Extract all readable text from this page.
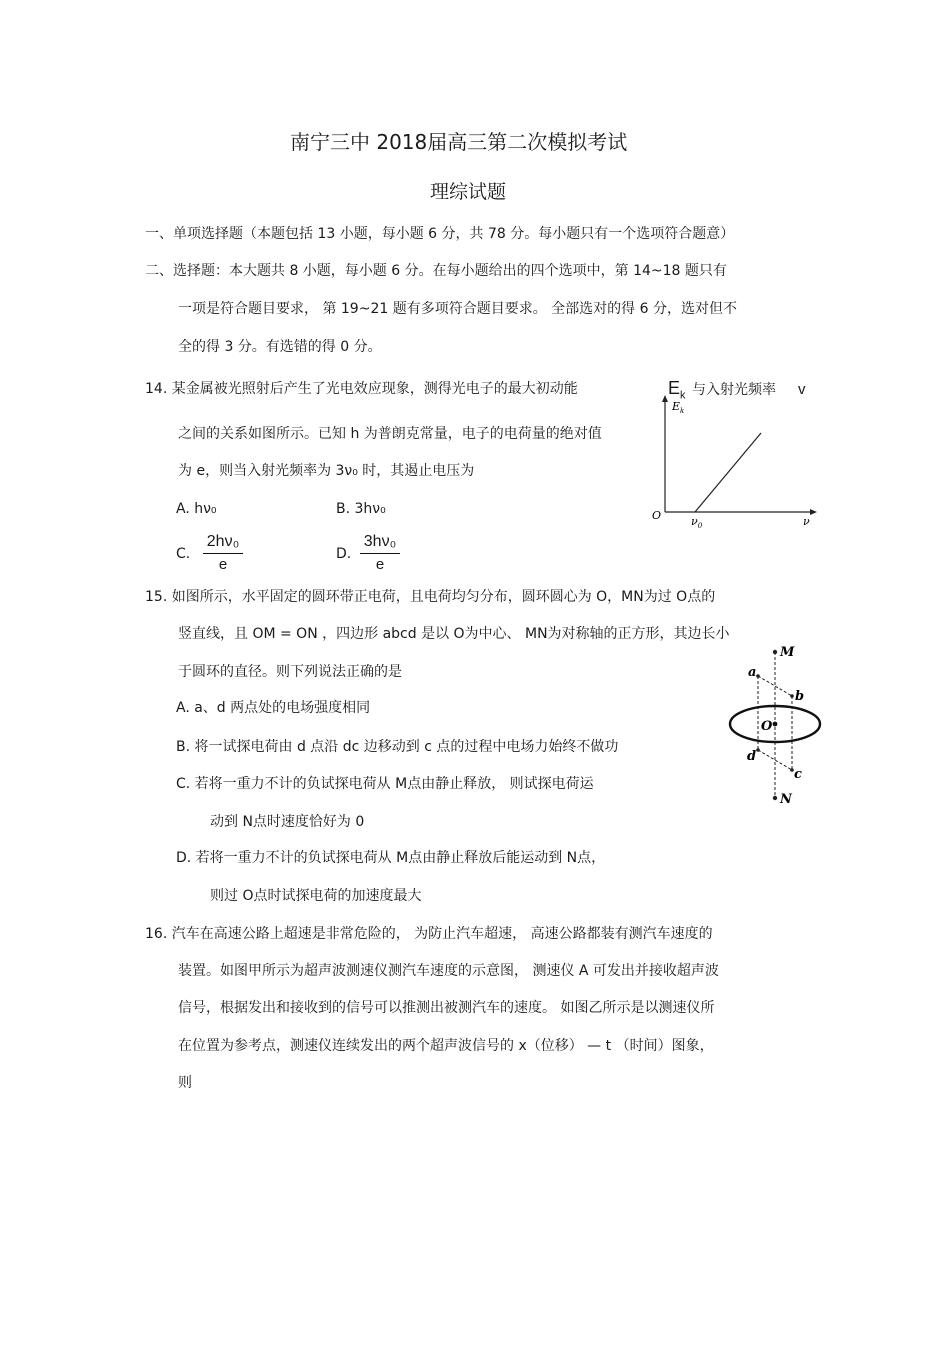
南宁三中 2018届高三第二次模拟考试
理综试题
一、单项选择题（本题包括 13 小题，每小题 6 分，共 78 分。每小题只有一个选项符合题意）
二、选择题：本大题共 8 小题，每小题 6 分。在每小题给出的四个选项中，第 14~18 题只有
一项是符合题目要求， 第 19~21 题有多项符合题目要求。 全部选对的得 6 分，选对但不
全的得 3 分。有选错的得 0 分。
14. 某金属被光照射后产生了光电效应现象，测得光电子的最大初动能	$E_k$ 与入射光频率 v
之间的关系如图所示。已知 h 为普朗克常量，电子的电荷量的绝对值
为 e，则当入射光频率为 3ν₀ 时，其遏止电压为
A. hν₀	B. 3hν₀
C.
2hν₀
e
D.
3hν₀
e
$E_k$
ν
O	$\nu_0$
15. 如图所示，水平固定的圆环带正电荷，且电荷均匀分布，圆环圆心为 O，MN为过 O点的
竖直线，且 OM = ON ，四边形 abcd 是以 O为中心、 MN为对称轴的正方形，其边长小
于圆环的直径。则下列说法正确的是
A. a、d 两点处的电场强度相同
B. 将一试探电荷由 d 点沿 dc 边移动到 c 点的过程中电场力始终不做功
C. 若将一重力不计的负试探电荷从 M点由静止释放， 则试探电荷运
动到 N点时速度恰好为 0
D. 若将一重力不计的负试探电荷从 M点由静止释放后能运动到 N点，
则过 O点时试探电荷的加速度最大
M
N
O
a
b
c
d
16. 汽车在高速公路上超速是非常危险的， 为防止汽车超速， 高速公路都装有测汽车速度的
装置。如图甲所示为超声波测速仪测汽车速度的示意图， 测速仪 A 可发出并接收超声波
信号，根据发出和接收到的信号可以推测出被测汽车的速度。 如图乙所示是以测速仪所
在位置为参考点，测速仪连续发出的两个超声波信号的 x（位移） — t （时间）图象，
则
